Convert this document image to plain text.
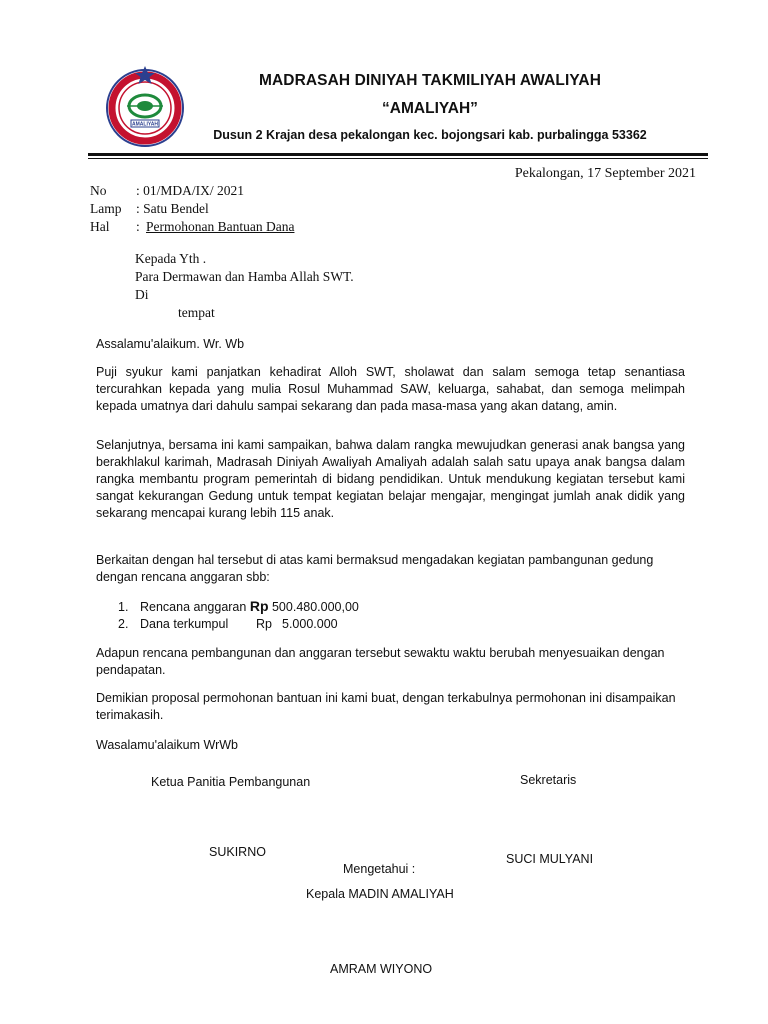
AMALIYAH
MADRASAH DINIYAH TAKMILIYAH AWALIYAH
“AMALIYAH”
Dusun 2 Krajan desa pekalongan kec. bojongsari kab. purbalingga 53362
Pekalongan, 17 September 2021
No : 01/MDA/IX/ 2021
Lamp : Satu Bendel
Hal : Permohonan Bantuan Dana
Kepada Yth .
Para Dermawan dan Hamba Allah SWT.
Di
tempat
Assalamu'alaikum. Wr. Wb
Puji syukur kami panjatkan kehadirat Alloh SWT, sholawat dan salam semoga tetap senantiasa tercurahkan kepada yang mulia Rosul Muhammad SAW, keluarga, sahabat, dan semoga melimpah kepada umatnya dari dahulu sampai sekarang dan pada masa-masa yang akan datang, amin.
Selanjutnya, bersama ini kami sampaikan, bahwa dalam rangka mewujudkan generasi anak bangsa yang berakhlakul karimah, Madrasah Diniyah Awaliyah Amaliyah adalah salah satu upaya anak bangsa dalam rangka membantu program pemerintah di bidang pendidikan. Untuk mendukung kegiatan tersebut kami sangat kekurangan Gedung untuk tempat kegiatan belajar mengajar, mengingat jumlah anak didik yang sekarang mencapai kurang lebih 115 anak.
Berkaitan dengan hal tersebut di atas kami bermaksud mengadakan kegiatan pambangunan gedung dengan rencana anggaran sbb:
1. Rencana anggaran Rp 500.480.000,00
2. Dana terkumpul Rp 5.000.000
Adapun rencana pembangunan dan anggaran tersebut sewaktu waktu berubah menyesuaikan dengan pendapatan.
Demikian proposal permohonan bantuan ini kami buat, dengan terkabulnya permohonan ini disampaikan terimakasih.
Wasalamu'alaikum WrWb
Ketua Panitia Pembangunan	Sekretaris
SUKIRNO	SUCI MULYANI
Mengetahui :
Kepala MADIN AMALIYAH
AMRAM WIYONO
